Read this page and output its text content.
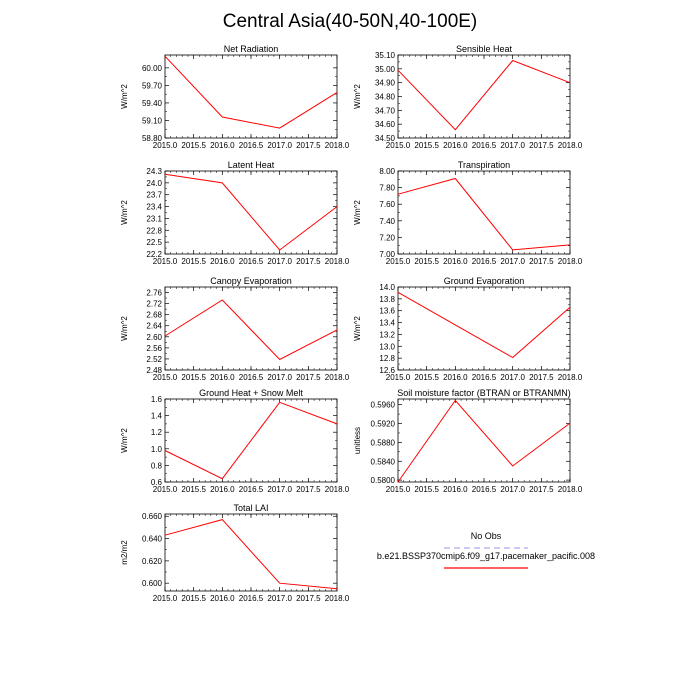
Central Asia(40-50N,40-100E)
Net Radiation
2015.0 2015.5 2016.0 2016.5 2017.0 2017.5 2018.0
58.80
59.10
59.40
59.70
60.00
W/m^2
Sensible Heat
2015.0 2015.5 2016.0 2016.5 2017.0 2017.5 2018.0
34.50
34.60
34.70
34.80
34.90
35.00
35.10
W/m^2
Latent Heat
2015.0 2015.5 2016.0 2016.5 2017.0 2017.5 2018.0
22.2
22.5
22.8
23.1
23.4
23.7
24.0
24.3
W/m^2
Transpiration
2015.0 2015.5 2016.0 2016.5 2017.0 2017.5 2018.0
7.00
7.20
7.40
7.60
7.80
8.00
W/m^2
Canopy Evaporation
2015.0 2015.5 2016.0 2016.5 2017.0 2017.5 2018.0
2.48
2.52
2.56
2.60
2.64
2.68
2.72
2.76
W/m^2
Ground Evaporation
2015.0 2015.5 2016.0 2016.5 2017.0 2017.5 2018.0
12.6
12.8
13.0
13.2
13.4
13.6
13.8
14.0
W/m^2
Ground Heat + Snow Melt
2015.0 2015.5 2016.0 2016.5 2017.0 2017.5 2018.0
0.6
0.8
1.0
1.2
1.4
1.6
W/m^2
Soil moisture factor (BTRAN or BTRANMN)
2015.0 2015.5 2016.0 2016.5 2017.0 2017.5 2018.0
0.5800
0.5840
0.5880
0.5920
0.5960
unitless
Total LAI
2015.0 2015.5 2016.0 2016.5 2017.0 2017.5 2018.0
0.600
0.620
0.640
0.660
m2/m2
No Obs
b.e21.BSSP370cmip6.f09_g17.pacemaker_pacific.008
